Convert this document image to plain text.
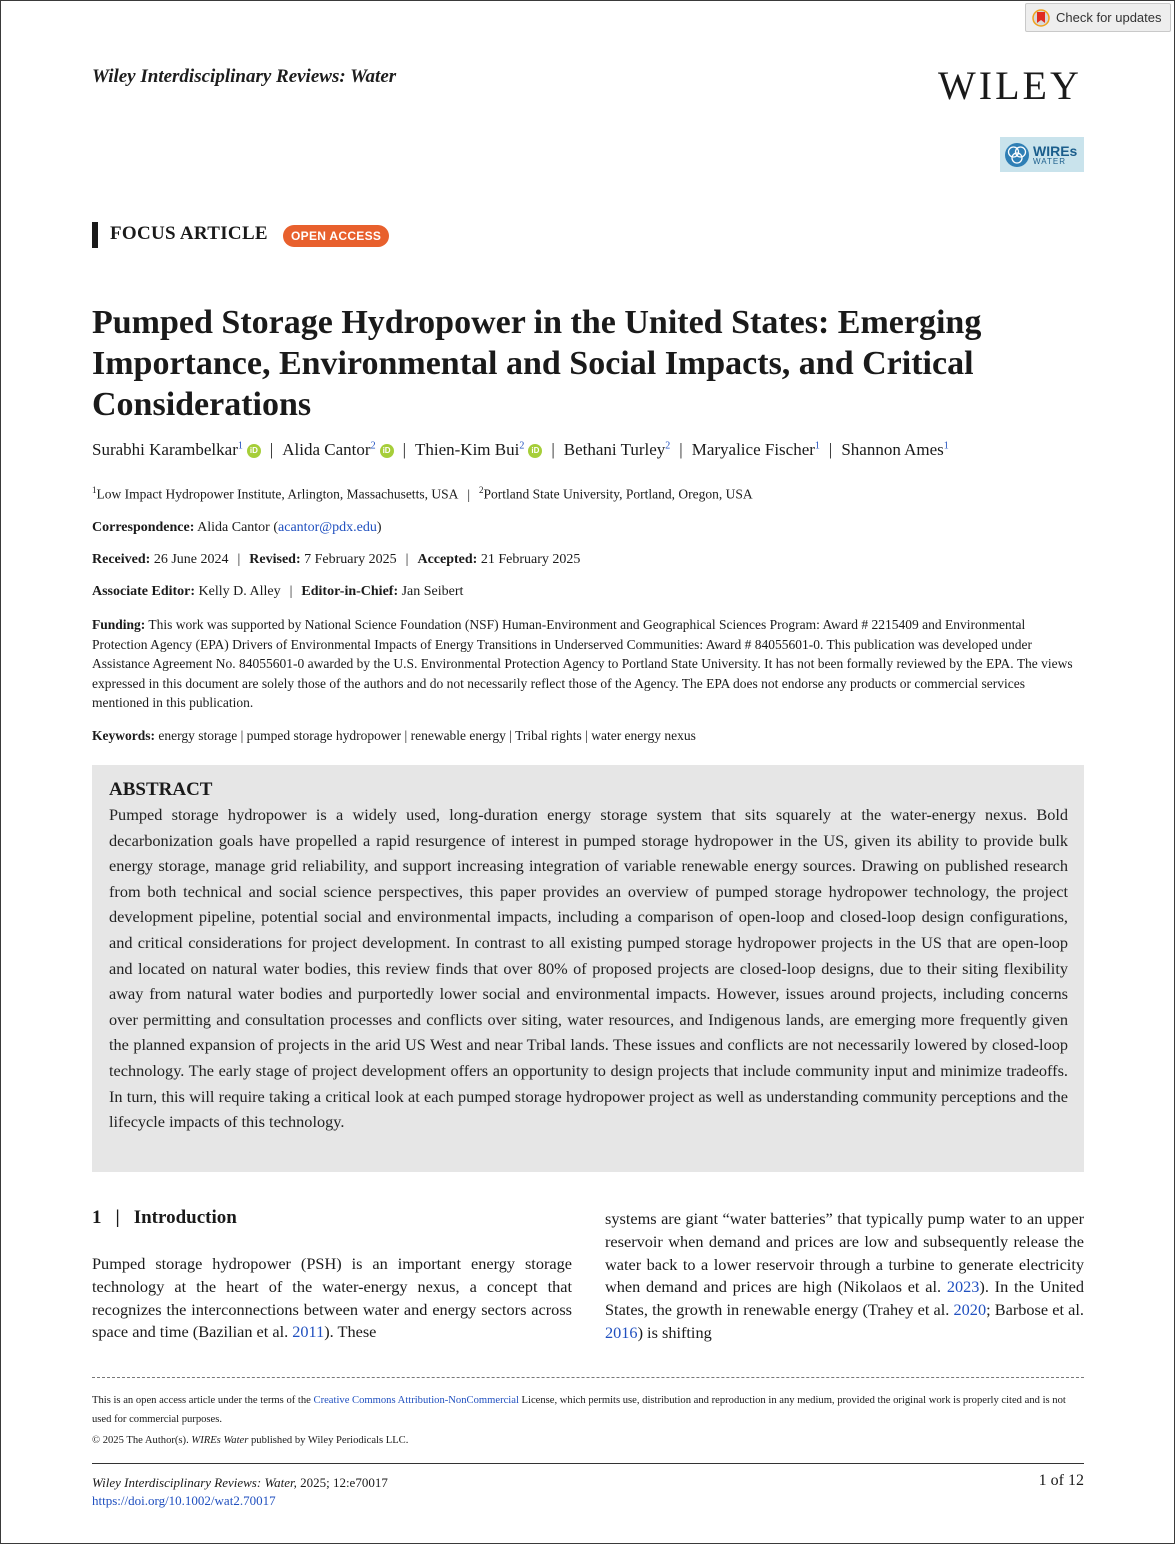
Check for updates
Wiley Interdisciplinary Reviews: Water	WILEY
WIREs
WATER
FOCUS ARTICLE	OPEN ACCESS
Pumped Storage Hydropower in the United States: Emerging Importance, Environmental and Social Impacts, and Critical Considerations
Surabhi Karambelkar$^1$ iD | Alida Cantor$^2$ iD | Thien-Kim Bui$^2$ iD | Bethani Turley$^2$ | Maryalice Fischer$^1$ | Shannon Ames$^1$
$^1$Low Impact Hydropower Institute, Arlington, Massachusetts, USA | $^2$Portland State University, Portland, Oregon, USA
Correspondence: Alida Cantor (acantor@pdx.edu)
Received: 26 June 2024 | Revised: 7 February 2025 | Accepted: 21 February 2025
Associate Editor: Kelly D. Alley | Editor-in-Chief: Jan Seibert
Funding: This work was supported by National Science Foundation (NSF) Human-Environment and Geographical Sciences Program: Award # 2215409 and Environmental Protection Agency (EPA) Drivers of Environmental Impacts of Energy Transitions in Underserved Communities: Award # 84055601-0. This publication was developed under Assistance Agreement No. 84055601-0 awarded by the U.S. Environmental Protection Agency to Portland State University. It has not been formally reviewed by the EPA. The views expressed in this document are solely those of the authors and do not necessarily reflect those of the Agency. The EPA does not endorse any products or commercial services mentioned in this publication.
Keywords: energy storage | pumped storage hydropower | renewable energy | Tribal rights | water energy nexus
ABSTRACT
Pumped storage hydropower is a widely used, long-duration energy storage system that sits squarely at the water-energy nexus. Bold decarbonization goals have propelled a rapid resurgence of interest in pumped storage hydropower in the US, given its ability to provide bulk energy storage, manage grid reliability, and support increasing integration of variable renewable energy sources. Drawing on published research from both technical and social science perspectives, this paper provides an overview of pumped storage hydropower technology, the project development pipeline, potential social and environmental impacts, including a comparison of open-loop and closed-loop design configurations, and critical considerations for project development. In contrast to all existing pumped storage hydropower projects in the US that are open-loop and located on natural water bodies, this review finds that over 80% of proposed projects are closed-loop designs, due to their siting flexibility away from natural water bodies and purportedly lower social and environmental impacts. However, issues around projects, including concerns over permitting and consultation processes and conflicts over siting, water resources, and Indigenous lands, are emerging more frequently given the planned expansion of projects in the arid US West and near Tribal lands. These issues and conflicts are not necessarily lowered by closed-loop technology. The early stage of project development offers an opportunity to design projects that include community input and minimize tradeoffs. In turn, this will require taking a critical look at each pumped storage hydropower project as well as understanding community perceptions and the lifecycle impacts of this technology.
1 | Introduction
Pumped storage hydropower (PSH) is an important energy storage technology at the heart of the water-energy nexus, a concept that recognizes the interconnections between water and energy sectors across space and time (Bazilian et al. 2011). These
systems are giant “water batteries” that typically pump water to an upper reservoir when demand and prices are low and subsequently release the water back to a lower reservoir through a turbine to generate electricity when demand and prices are high (Nikolaos et al. 2023). In the United States, the growth in renewable energy (Trahey et al. 2020; Barbose et al. 2016) is shifting
This is an open access article under the terms of the Creative Commons Attribution-NonCommercial License, which permits use, distribution and reproduction in any medium, provided the original work is properly cited and is not used for commercial purposes.
© 2025 The Author(s). WIREs Water published by Wiley Periodicals LLC.
Wiley Interdisciplinary Reviews: Water, 2025; 12:e70017
https://doi.org/10.1002/wat2.70017
1 of 12
